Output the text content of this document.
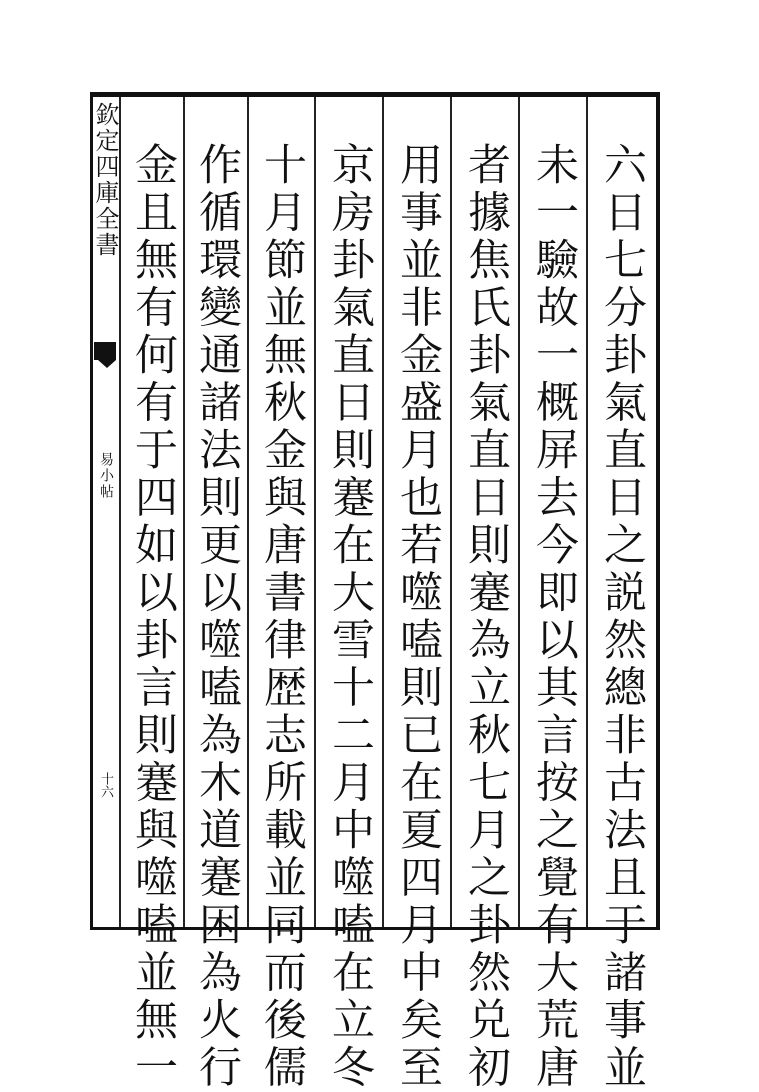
欽定四庫全書
易小帖
十六	六日七分卦氣直日之説然總非古法且于諸事並
未一驗故一概屏去今即以其言按之覺有大荒唐
者據焦氏卦氣直日則蹇為立秋七月之卦然兑初
用事並非金盛月也若噬嗑則已在夏四月中矣至
京房卦氣直日則蹇在大雪十二月中噬嗑在立冬
十月節並無秋金與唐書律歴志所載並同而後儒
作循環變通諸法則更以噬嗑為木道蹇困為火行
金且無有何有于四如以卦言則蹇與噬嗑並無一
